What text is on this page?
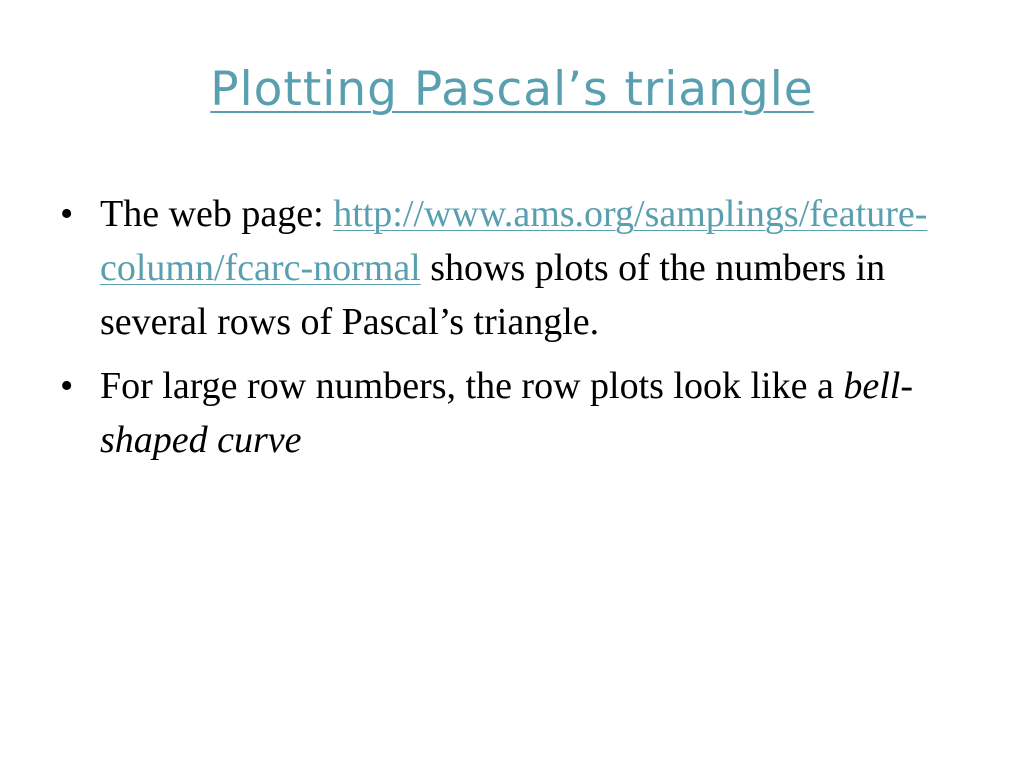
Plotting Pascal’s triangle
• The web page: http://www.ams.org/samplings/feature-column/fcarc-normal shows plots of the numbers in several rows of Pascal’s triangle.
• For large row numbers, the row plots look like a bell-shaped curve
